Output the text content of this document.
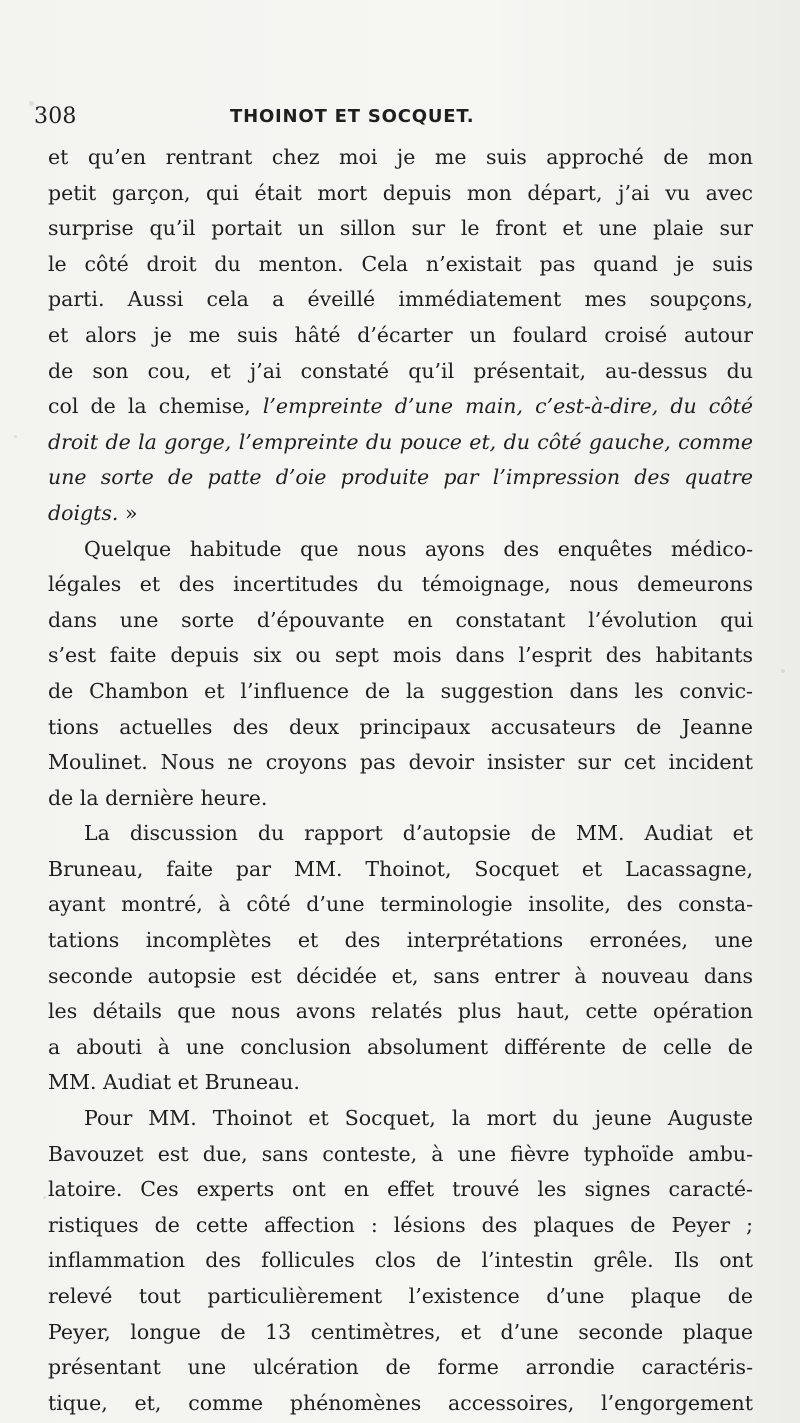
308	THOINOT ET SOCQUET.
et qu’en rentrant chez moi je me suis approché de mon
petit garçon, qui était mort depuis mon départ, j’ai vu avec
surprise qu’il portait un sillon sur le front et une plaie sur
le côté droit du menton. Cela n’existait pas quand je suis
parti. Aussi cela a éveillé immédiatement mes soupçons,
et alors je me suis hâté d’écarter un foulard croisé autour
de son cou, et j’ai constaté qu’il présentait, au-dessus du
col de la chemise, l’empreinte d’une main, c’est-à-dire, du côté
droit de la gorge, l’empreinte du pouce et, du côté gauche, comme
une sorte de patte d’oie produite par l’impression des quatre
doigts. »
Quelque habitude que nous ayons des enquêtes médico-
légales et des incertitudes du témoignage, nous demeurons
dans une sorte d’épouvante en constatant l’évolution qui
s’est faite depuis six ou sept mois dans l’esprit des habitants
de Chambon et l’influence de la suggestion dans les convic-
tions actuelles des deux principaux accusateurs de Jeanne
Moulinet. Nous ne croyons pas devoir insister sur cet incident
de la dernière heure.
La discussion du rapport d’autopsie de MM. Audiat et
Bruneau, faite par MM. Thoinot, Socquet et Lacassagne,
ayant montré, à côté d’une terminologie insolite, des consta-
tations incomplètes et des interprétations erronées, une
seconde autopsie est décidée et, sans entrer à nouveau dans
les détails que nous avons relatés plus haut, cette opération
a abouti à une conclusion absolument différente de celle de
MM. Audiat et Bruneau.
Pour MM. Thoinot et Socquet, la mort du jeune Auguste
Bavouzet est due, sans conteste, à une fièvre typhoïde ambu-
latoire. Ces experts ont en effet trouvé les signes caracté-
ristiques de cette affection : lésions des plaques de Peyer ;
inflammation des follicules clos de l’intestin grêle. Ils ont
relevé tout particulièrement l’existence d’une plaque de
Peyer, longue de 13 centimètres, et d’une seconde plaque
présentant une ulcération de forme arrondie caractéris-
tique, et, comme phénomènes accessoires, l’engorgement
